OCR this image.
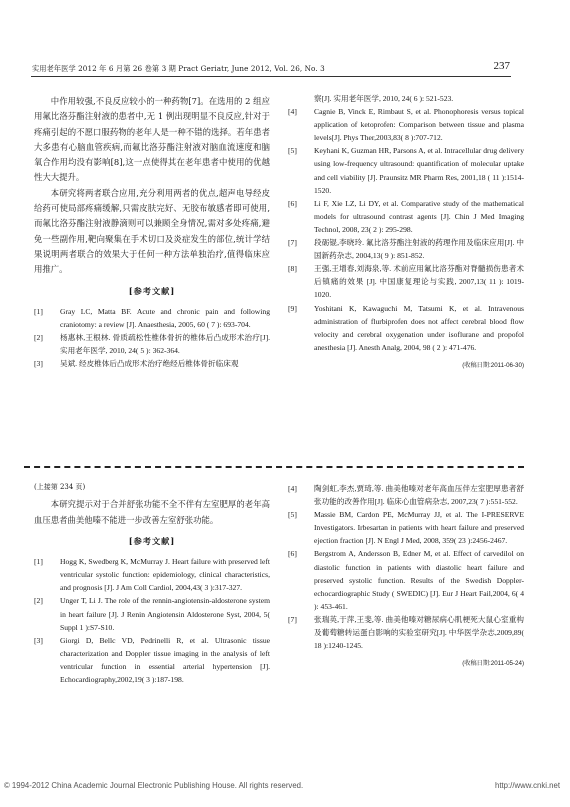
实用老年医学 2012 年 6 月第 26 卷第 3 期 Pract Geriatr, June 2012, Vol. 26, No. 3	237

中作用较强,不良反应较小的一种药物[7]。在选用的 2 组应用氟比洛芬酯注射液的患者中,无 1 例出现明显不良反应,针对于疼痛引起的不愿口服药物的老年人是一种不错的选择。若年患者大多患有心脑血管疾病,而氟比洛芬酯注射液对脑血流速度和脑氧合作用均没有影响[8],这一点使得其在老年患者中使用的优越性大大提升。

本研究将两者联合应用,充分利用两者的优点,超声电导经皮给药可使局部疼痛缓解,只需皮肤完好、无胶布敏感者即可使用,而氟比洛芬酯注射液静滴则可以兼顾全身情况,需对多处疼痛,避免一些副作用,靶向聚集在手术切口及炎症发生的部位,统计学结果说明两者联合的效果大于任何一种方法单独治疗,值得临床应用推广。

[参考文献]
[1]	Gray LC, Matta BF. Acute and chronic pain and following craniotomy: a review [J]. Anaesthesia, 2005, 60 ( 7 ): 693-704.
[2]	杨惠林,王根林. 骨质疏松性椎体骨折的椎体后凸成形术治疗[J]. 实用老年医学, 2010, 24( 5 ): 362-364.
[3]	吴斌. 经皮椎体后凸成形术治疗绝经后椎体骨折临床观
察[J]. 实用老年医学, 2010, 24( 6 ): 521-523.
[4]	Cagnie B, Vinck E, Rimbaut S, et al. Phonophoresis versus topical application of ketoprofen: Comparison between tissue and plasma levels[J]. Phys Ther,2003,83( 8 ):707-712.
[5]	Keyhani K, Guzman HR, Parsons A, et al. Intracellular drug delivery using low-frequency ultrasound: quantification of molecular uptake and cell viability [J]. Praunsitz MR Pharm Res, 2001,18 ( 11 ):1514-1520.
[6]	Li F, Xie LZ, Li DY, et al. Comparative study of the mathematical models for ultrasound contrast agents [J]. Chin J Med Imaging Technol, 2008, 23( 2 ): 295-298.
[7]	段砺锟,李晓玲. 氟比洛芬酯注射液的药理作用及临床应用[J]. 中国新药杂志, 2004,13( 9 ): 851-852.
[8]	王强,王增春,刘海泉,等. 术前应用氟比洛芬酯对脊髓损伤患者术后镇痛的效果 [J]. 中国康复理论与实践, 2007,13( 11 ): 1019-1020.
[9]	Yoshitani K, Kawaguchi M, Tatsumi K, et al. Intravenous administration of flurbiprofen does not affect cerebral blood flow velocity and cerebral oxygenation under isoflurane and propofol anesthesia [J]. Anesth Analg, 2004, 98 ( 2 ): 471-476.
(收稿日期:2011-06-30)
(上接第 234 页)

本研究提示对于合并舒张功能不全不伴有左室肥厚的老年高血压患者曲美他嗪不能进一步改善左室舒张功能。

[参考文献]
[1]	Hogg K, Swedberg K, McMurray J. Heart failure with preserved left ventricular systolic function: epidemiology, clinical characteristics, and prognosis [J]. J Am Coll Cardiol, 2004,43( 3 ):317-327.
[2]	Unger T, Li J. The role of the rennin-angiotensin-aldosterone system in heart failure [J]. J Renin Angiotensin Aldosterone Syst, 2004, 5( Suppl 1 ):S7-S10.
[3]	Giorgi D, Bellc VD, Pedrinelli R, et al. Ultrasonic tissue characterization and Doppler tissue imaging in the analysis of left ventricular function in essential arterial hypertension [J]. Echocardiography,2002,19( 3 ):187-198.
[4]	陶剑虹,李杰,贾琦,等. 曲美他嗪对老年高血压伴左室肥厚患者舒张功能的改善作用[J]. 临床心血管病杂志, 2007,23( 7 ):551-552.
[5]	Massie BM, Cardon PE, McMurray JJ, et al. The I-PRESERVE Investigators. Irbesartan in patients with heart failure and preserved ejection fraction [J]. N Engl J Med, 2008, 359( 23 ):2456-2467.
[6]	Bergstrom A, Andersson B, Edner M, et al. Effect of carvedilol on diastolic function in patients with diastolic heart failure and preserved systolic function. Results of the Swedish Doppler-echocardiographic Study ( SWEDIC) [J]. Eur J Heart Fail,2004, 6( 4 ): 453-461.
[7]	张瑞英,于萍,王斐,等. 曲美他嗪对糖尿病心肌梗死大鼠心室重构及葡萄糖转运蛋白影响的实验室研究[J]. 中华医学杂志,2009,89( 18 ):1240-1245.
(收稿日期:2011-05-24)
© 1994-2012 China Academic Journal Electronic Publishing House. All rights reserved.	http://www.cnki.net
